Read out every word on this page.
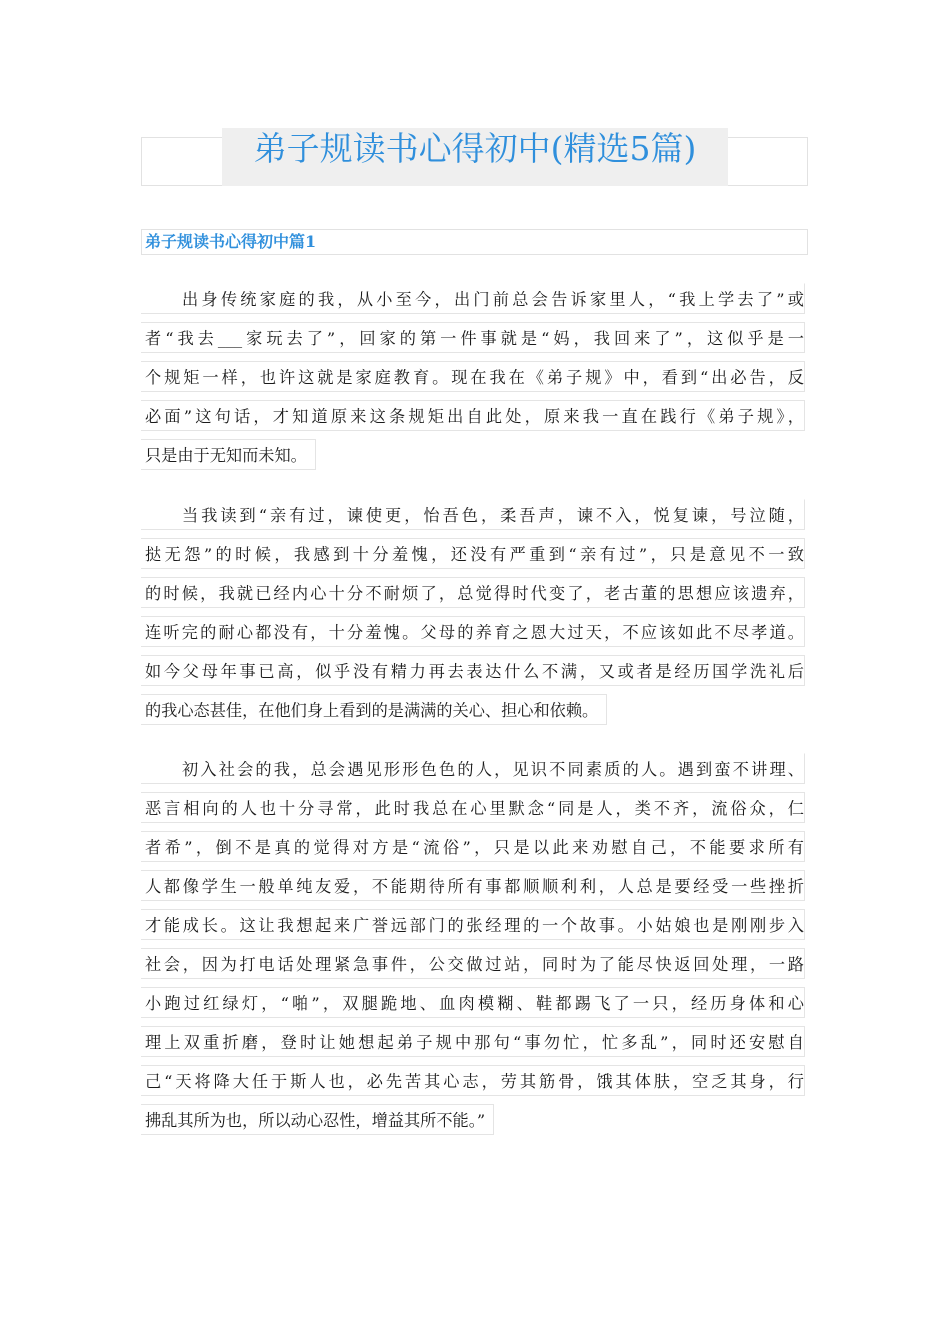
弟子规读书心得初中(精选5篇)
弟子规读书心得初中篇1
出身传统家庭的我，从小至今，出门前总会告诉家里人，“我上学去了”或
者“我去___家玩去了”，回家的第一件事就是“妈，我回来了”，这似乎是一
个规矩一样，也许这就是家庭教育。现在我在《弟子规》中，看到“出必告，反
必面”这句话，才知道原来这条规矩出自此处，原来我一直在践行《弟子规》，
只是由于无知而未知。
当我读到“亲有过，谏使更，怡吾色，柔吾声，谏不入，悦复谏，号泣随，
挞无怨”的时候，我感到十分羞愧，还没有严重到“亲有过”，只是意见不一致
的时候，我就已经内心十分不耐烦了，总觉得时代变了，老古董的思想应该遗弃，
连听完的耐心都没有，十分羞愧。父母的养育之恩大过天，不应该如此不尽孝道。
如今父母年事已高，似乎没有精力再去表达什么不满，又或者是经历国学洗礼后
的我心态甚佳，在他们身上看到的是满满的关心、担心和依赖。
初入社会的我，总会遇见形形色色的人，见识不同素质的人。遇到蛮不讲理、
恶言相向的人也十分寻常，此时我总在心里默念“同是人，类不齐，流俗众，仁
者希”，倒不是真的觉得对方是“流俗”，只是以此来劝慰自己，不能要求所有
人都像学生一般单纯友爱，不能期待所有事都顺顺利利，人总是要经受一些挫折
才能成长。这让我想起来广誉远部门的张经理的一个故事。小姑娘也是刚刚步入
社会，因为打电话处理紧急事件，公交做过站，同时为了能尽快返回处理，一路
小跑过红绿灯，“啪”，双腿跪地、血肉模糊、鞋都踢飞了一只，经历身体和心
理上双重折磨，登时让她想起弟子规中那句“事勿忙，忙多乱”，同时还安慰自
己“天将降大任于斯人也，必先苦其心志，劳其筋骨，饿其体肤，空乏其身，行
拂乱其所为也，所以动心忍性，增益其所不能。”
